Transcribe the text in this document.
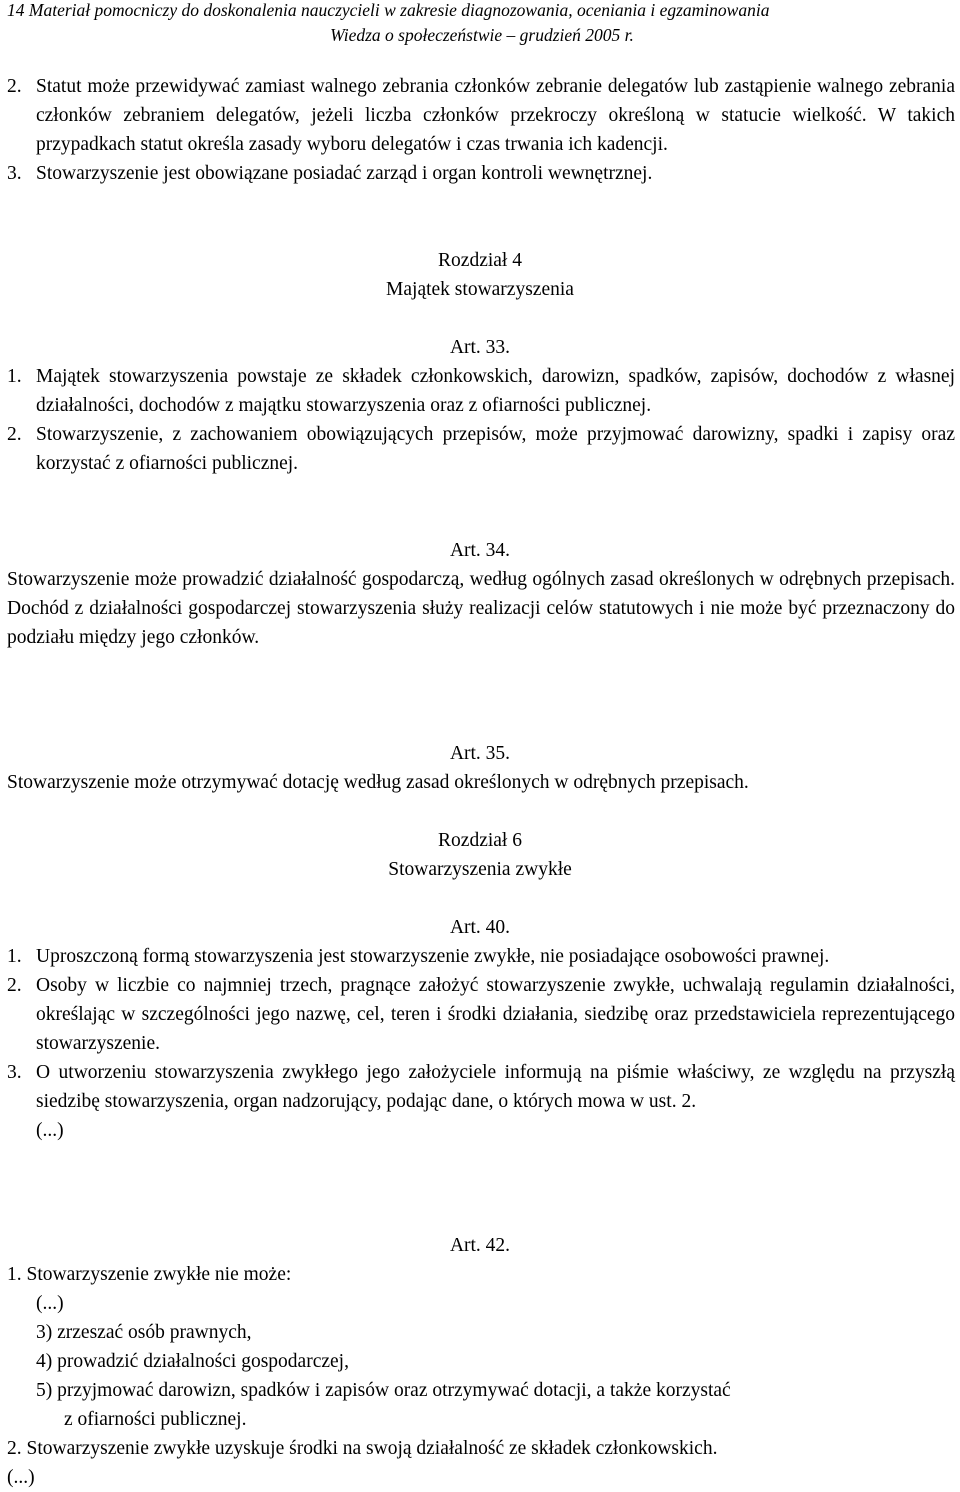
14 Materiał pomocniczy do doskonalenia nauczycieli w zakresie diagnozowania, oceniania i egzaminowania
Wiedza o społeczeństwie – grudzień 2005 r.
2. Statut może przewidywać zamiast walnego zebrania członków zebranie delegatów lub zastąpienie walnego zebrania członków zebraniem delegatów, jeżeli liczba członków przekroczy określoną w statucie wielkość. W takich przypadkach statut określa zasady wyboru delegatów i czas trwania ich kadencji.
3. Stowarzyszenie jest obowiązane posiadać zarząd i organ kontroli wewnętrznej.
Rozdział 4
Majątek stowarzyszenia
Art. 33.
1. Majątek stowarzyszenia powstaje ze składek członkowskich, darowizn, spadków, zapisów, dochodów z własnej działalności, dochodów z majątku stowarzyszenia oraz z ofiarności publicznej.
2. Stowarzyszenie, z zachowaniem obowiązujących przepisów, może przyjmować darowizny, spadki i zapisy oraz korzystać z ofiarności publicznej.
Art. 34.
Stowarzyszenie może prowadzić działalność gospodarczą, według ogólnych zasad określonych w odrębnych przepisach. Dochód z działalności gospodarczej stowarzyszenia służy realizacji celów statutowych i nie może być przeznaczony do podziału między jego członków.
Art. 35.
Stowarzyszenie może otrzymywać dotację według zasad określonych w odrębnych przepisach.
Rozdział 6
Stowarzyszenia zwykłe
Art. 40.
1. Uproszczoną formą stowarzyszenia jest stowarzyszenie zwykłe, nie posiadające osobowości prawnej.
2. Osoby w liczbie co najmniej trzech, pragnące założyć stowarzyszenie zwykłe, uchwalają regulamin działalności, określając w szczególności jego nazwę, cel, teren i środki działania, siedzibę oraz przedstawiciela reprezentującego stowarzyszenie.
3. O utworzeniu stowarzyszenia zwykłego jego założyciele informują na piśmie właściwy, ze względu na przyszłą siedzibę stowarzyszenia, organ nadzorujący, podając dane, o których mowa w ust. 2.
(...)
Art. 42.
1. Stowarzyszenie zwykłe nie może:
(...)
3) zrzeszać osób prawnych,
4) prowadzić działalności gospodarczej,
5) przyjmować darowizn, spadków i zapisów oraz otrzymywać dotacji, a także korzystać
z ofiarności publicznej.
2. Stowarzyszenie zwykłe uzyskuje środki na swoją działalność ze składek członkowskich.
(...)
